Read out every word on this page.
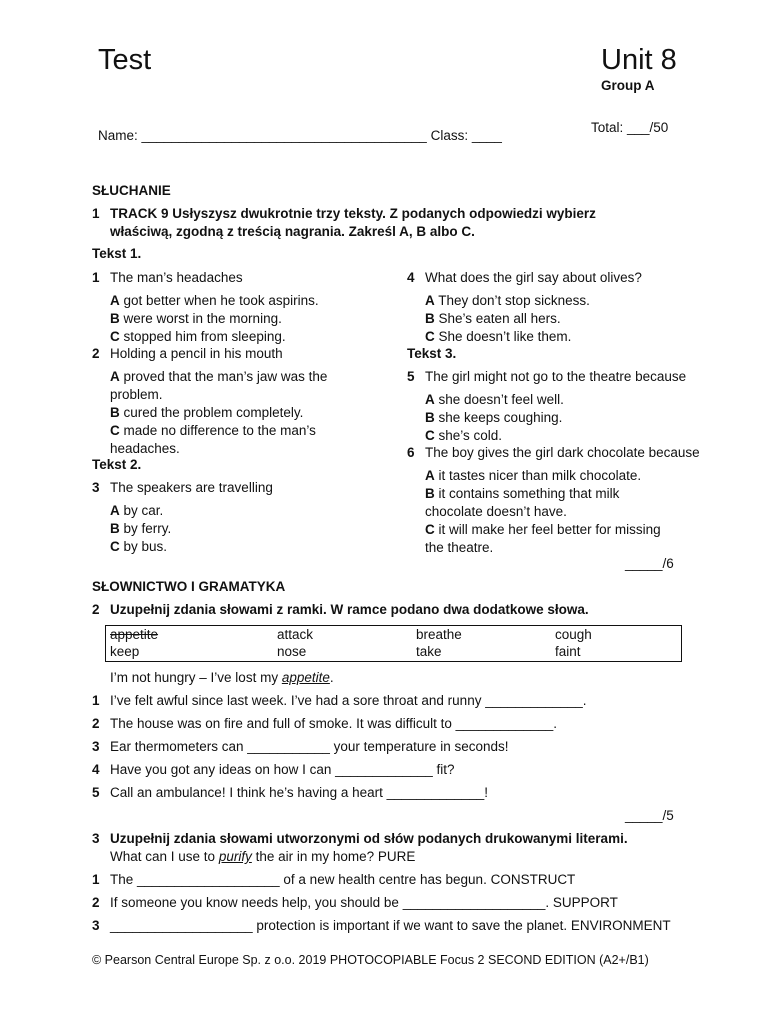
Test	Unit 8
Group A
Name: ______________________________________ Class: ____
Total: ___/50
SŁUCHANIE
1 TRACK 9 Usłyszysz dwukrotnie trzy teksty. Z podanych odpowiedzi wybierz
właściwą, zgodną z treścią nagrania. Zakreśl A, B albo C.
Tekst 1.
1 The man’s headaches
A got better when he took aspirins.
B were worst in the morning.
C stopped him from sleeping.
2 Holding a pencil in his mouth
A proved that the man’s jaw was the
problem.
B cured the problem completely.
C made no difference to the man’s
headaches.
Tekst 2.
3 The speakers are travelling
A by car.
B by ferry.
C by bus.
4 What does the girl say about olives?
A They don’t stop sickness.
B She’s eaten all hers.
C She doesn’t like them.
Tekst 3.
5 The girl might not go to the theatre because
A she doesn’t feel well.
B she keeps coughing.
C she’s cold.
6 The boy gives the girl dark chocolate because
A it tastes nicer than milk chocolate.
B it contains something that milk
chocolate doesn’t have.
C it will make her feel better for missing
the theatre.
_____/6
SŁOWNICTWO I GRAMATYKA
2 Uzupełnij zdania słowami z ramki. W ramce podano dwa dodatkowe słowa.
appetite	attack	breathe	cough
keep	nose	take	faint
I’m not hungry – I’ve lost my appetite.
1 I’ve felt awful since last week. I’ve had a sore throat and runny _____________.
2 The house was on fire and full of smoke. It was difficult to _____________.
3 Ear thermometers can ___________ your temperature in seconds!
4 Have you got any ideas on how I can _____________ fit?
5 Call an ambulance! I think he’s having a heart _____________!
_____/5
3 Uzupełnij zdania słowami utworzonymi od słów podanych drukowanymi literami.
What can I use to purify the air in my home? PURE
1 The ___________________ of a new health centre has begun. CONSTRUCT
2 If someone you know needs help, you should be ___________________. SUPPORT
3 ___________________ protection is important if we want to save the planet. ENVIRONMENT
© Pearson Central Europe Sp. z o.o. 2019 PHOTOCOPIABLE Focus 2 SECOND EDITION (A2+/B1)
